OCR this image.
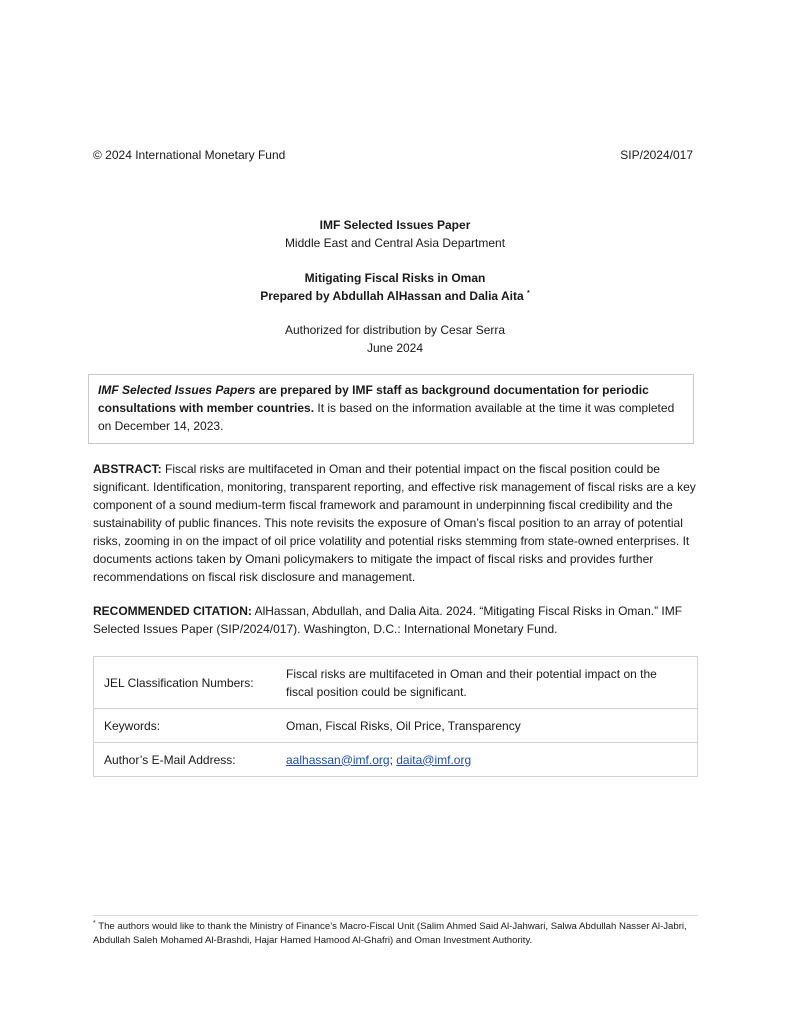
© 2024 International Monetary Fund	SIP/2024/017
IMF Selected Issues Paper
Middle East and Central Asia Department
Mitigating Fiscal Risks in Oman
Prepared by Abdullah AlHassan and Dalia Aita *
Authorized for distribution by Cesar Serra
June 2024
IMF Selected Issues Papers are prepared by IMF staff as background documentation for periodic consultations with member countries. It is based on the information available at the time it was completed on December 14, 2023.
ABSTRACT: Fiscal risks are multifaceted in Oman and their potential impact on the fiscal position could be significant. Identification, monitoring, transparent reporting, and effective risk management of fiscal risks are a key component of a sound medium-term fiscal framework and paramount in underpinning fiscal credibility and the sustainability of public finances. This note revisits the exposure of Oman’s fiscal position to an array of potential risks, zooming in on the impact of oil price volatility and potential risks stemming from state-owned enterprises. It documents actions taken by Omani policymakers to mitigate the impact of fiscal risks and provides further recommendations on fiscal risk disclosure and management.
RECOMMENDED CITATION: AlHassan, Abdullah, and Dalia Aita. 2024. “Mitigating Fiscal Risks in Oman.” IMF Selected Issues Paper (SIP/2024/017). Washington, D.C.: International Monetary Fund.
JEL Classification Numbers:	Fiscal risks are multifaceted in Oman and their potential impact on the fiscal position could be significant.
Keywords:	Oman, Fiscal Risks, Oil Price, Transparency
Author’s E-Mail Address:	aalhassan@imf.org; daita@imf.org
* The authors would like to thank the Ministry of Finance’s Macro-Fiscal Unit (Salim Ahmed Said Al-Jahwari, Salwa Abdullah Nasser Al-Jabri, Abdullah Saleh Mohamed Al-Brashdi, Hajar Hamed Hamood Al-Ghafri) and Oman Investment Authority.
